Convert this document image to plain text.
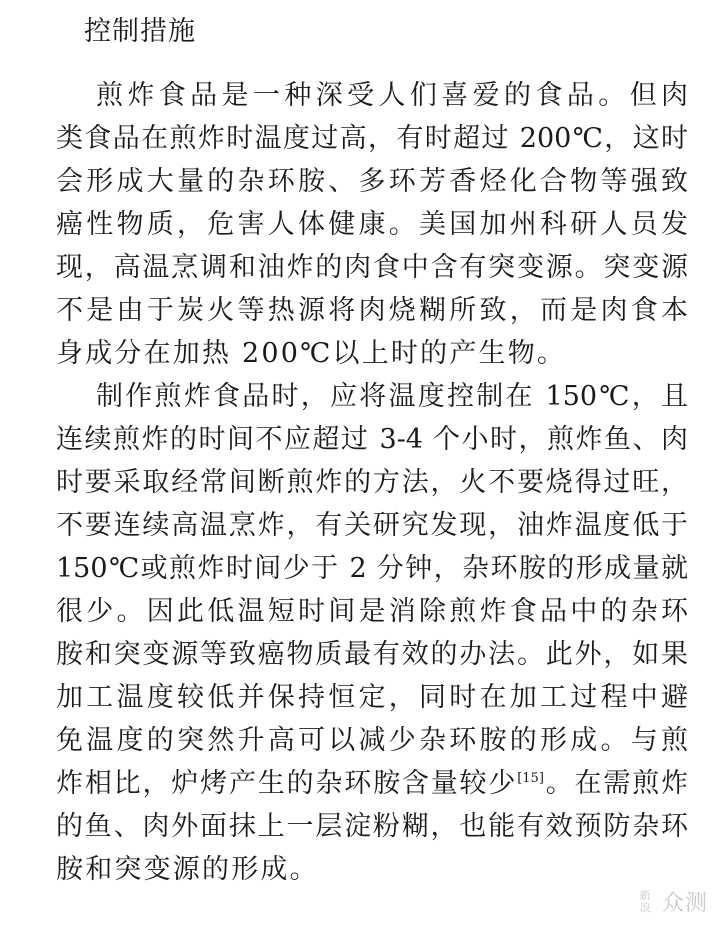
控制措施
煎炸食品是一种深受人们喜爱的食品。但肉
类食品在煎炸时温度过高，有时超过 200℃，这时
会形成大量的杂环胺、多环芳香烃化合物等强致
癌性物质，危害人体健康。美国加州科研人员发
现，高温烹调和油炸的肉食中含有突变源。突变源
不是由于炭火等热源将肉烧糊所致，而是肉食本
身成分在加热 200℃以上时的产生物。
制作煎炸食品时，应将温度控制在 150℃，且
连续煎炸的时间不应超过 3-4 个小时，煎炸鱼、肉
时要采取经常间断煎炸的方法，火不要烧得过旺，
不要连续高温烹炸，有关研究发现，油炸温度低于
150℃或煎炸时间少于 2 分钟，杂环胺的形成量就
很少。因此低温短时间是消除煎炸食品中的杂环
胺和突变源等致癌物质最有效的办法。此外，如果
加工温度较低并保持恒定，同时在加工过程中避
免温度的突然升高可以减少杂环胺的形成。与煎
炸相比，炉烤产生的杂环胺含量较少[15]。在需煎炸
的鱼、肉外面抹上一层淀粉糊，也能有效预防杂环
胺和突变源的形成。
新
浪 众测
